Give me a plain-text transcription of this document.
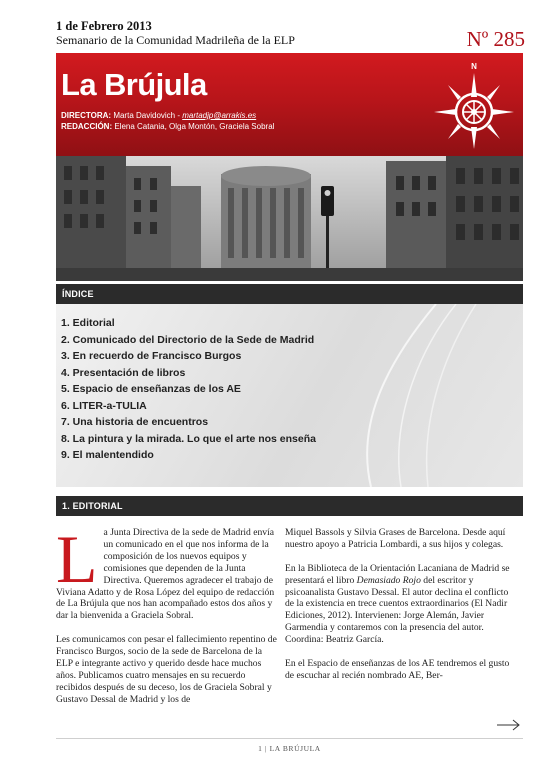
1 de Febrero 2013
Semanario de la Comunidad Madrileña de la ELP	Nº 285
La Brújula
DIRECTORA: Marta Davidovich - martadjp@arrakis.es
REDACCIÓN: Elena Catania, Olga Montón, Graciela Sobral
N
ÍNDICE
1. Editorial
2. Comunicado del Directorio de la Sede de Madrid
3. En recuerdo de Francisco Burgos
4. Presentación de libros
5. Espacio de enseñanzas de los AE
6. LITER-a-TULIA
7. Una historia de encuentros
8. La pintura y la mirada. Lo que el arte nos enseña
9. El malentendido
1. EDITORIAL

La Junta Directiva de la sede de Madrid envía un comunicado en el que nos informa de la composición de los nuevos equipos y comisiones que dependen de la Junta Directiva. Queremos agradecer el trabajo de Viviana Adatto y de Rosa López del equipo de redacción de La Brújula que nos han acompañado estos dos años y dar la bienvenida a Graciela Sobral.

Les comunicamos con pesar el fallecimiento repentino de Francisco Burgos, socio de la sede de Barcelona de la ELP e integrante activo y querido desde hace muchos años. Publicamos cuatro mensajes en su recuerdo recibidos después de su deceso, los de Graciela Sobral y Gustavo Dessal de Madrid y los de

Miquel Bassols y Silvia Grases de Barcelona. Desde aquí nuestro apoyo a Patricia Lombardi, a sus hijos y colegas.

En la Biblioteca de la Orientación Lacaniana de Madrid se presentará el libro Demasiado Rojo del escritor y psicoanalista Gustavo Dessal. El autor declina el conflicto de la existencia en trece cuentos extraordinarios (El Nadir Ediciones, 2012). Intervienen: Jorge Alemán, Javier Garmendia y contaremos con la presencia del autor. Coordina: Beatriz García.

En el Espacio de enseñanzas de los AE tendremos el gusto de escuchar al recién nombrado AE, Ber-

1 | LA BRÚJULA
